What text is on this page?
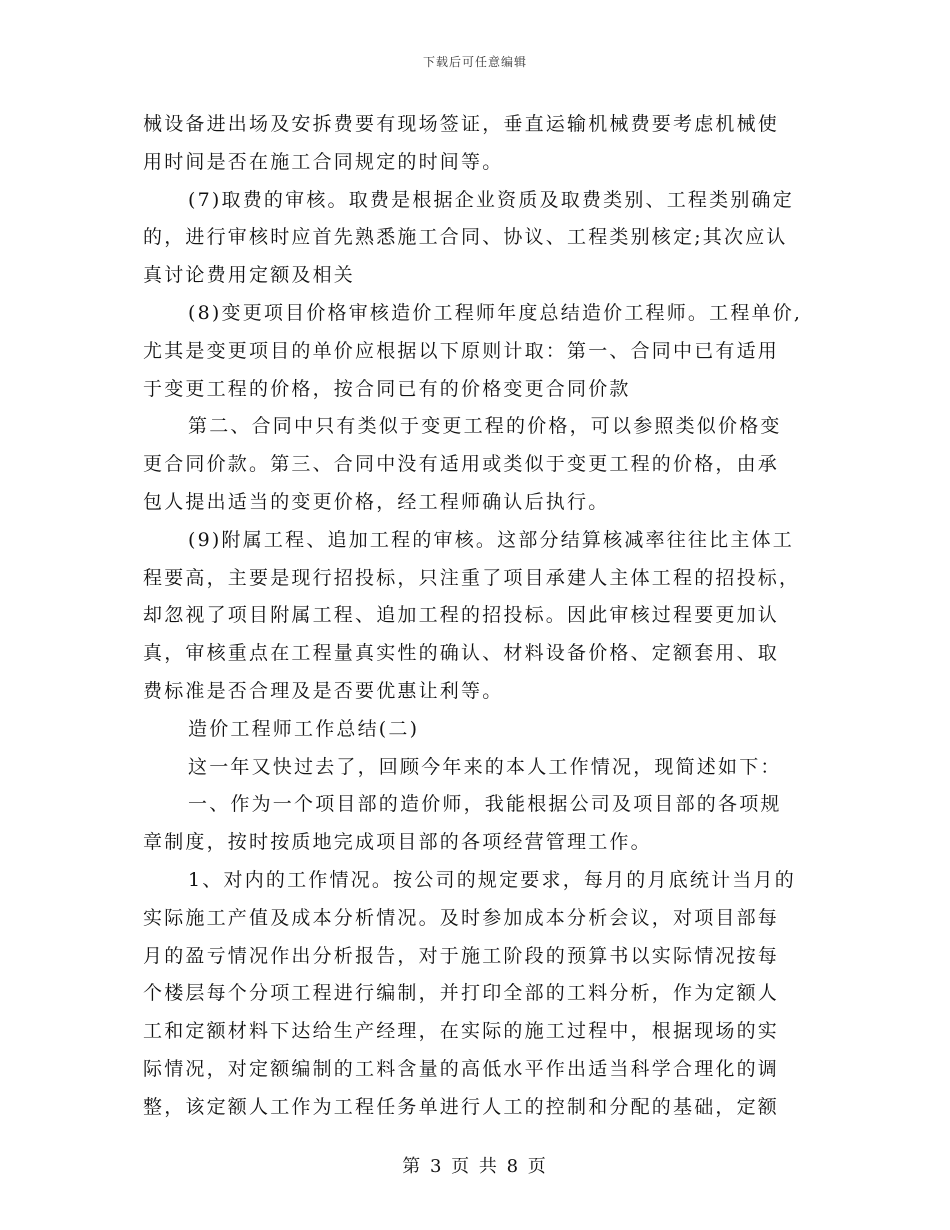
下载后可任意编辑
械设备进出场及安拆费要有现场签证，垂直运输机械费要考虑机械使
用时间是否在施工合同规定的时间等。
(7)取费的审核。取费是根据企业资质及取费类别、工程类别确定
的，进行审核时应首先熟悉施工合同、协议、工程类别核定;其次应认
真讨论费用定额及相关
(8)变更项目价格审核造价工程师年度总结造价工程师。工程单价,
尤其是变更项目的单价应根据以下原则计取：第一、合同中已有适用
于变更工程的价格，按合同已有的价格变更合同价款
第二、合同中只有类似于变更工程的价格，可以参照类似价格变
更合同价款。第三、合同中没有适用或类似于变更工程的价格，由承
包人提出适当的变更价格，经工程师确认后执行。
(9)附属工程、追加工程的审核。这部分结算核减率往往比主体工
程要高，主要是现行招投标，只注重了项目承建人主体工程的招投标，
却忽视了项目附属工程、追加工程的招投标。因此审核过程要更加认
真，审核重点在工程量真实性的确认、材料设备价格、定额套用、取
费标准是否合理及是否要优惠让利等。
造价工程师工作总结(二)
这一年又快过去了，回顾今年来的本人工作情况，现简述如下：
一、作为一个项目部的造价师，我能根据公司及项目部的各项规
章制度，按时按质地完成项目部的各项经营管理工作。
1、对内的工作情况。按公司的规定要求，每月的月底统计当月的
实际施工产值及成本分析情况。及时参加成本分析会议，对项目部每
月的盈亏情况作出分析报告，对于施工阶段的预算书以实际情况按每
个楼层每个分项工程进行编制，并打印全部的工料分析，作为定额人
工和定额材料下达给生产经理，在实际的施工过程中，根据现场的实
际情况，对定额编制的工料含量的高低水平作出适当科学合理化的调
整，该定额人工作为工程任务单进行人工的控制和分配的基础，定额
第 3 页 共 8 页
